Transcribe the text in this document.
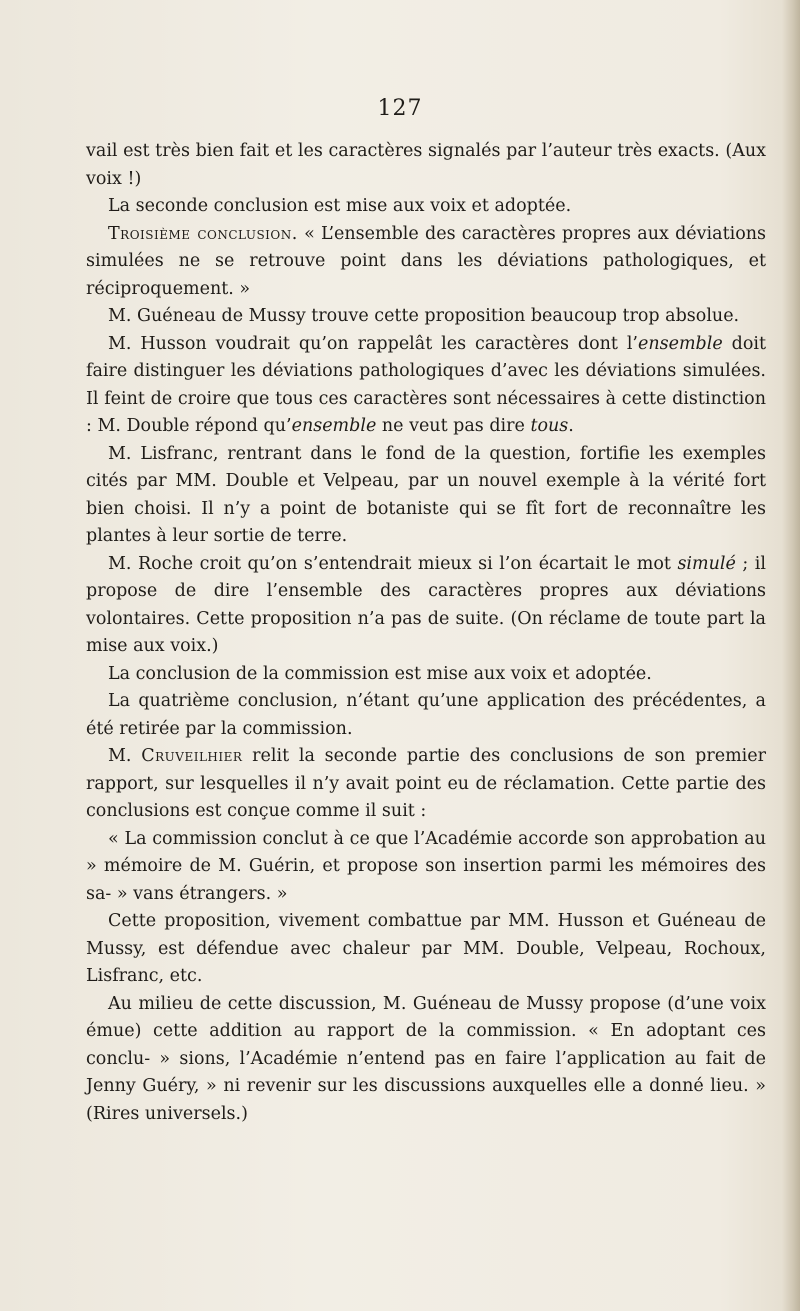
127

vail est très bien fait et les caractères signalés par l’auteur très exacts. (Aux voix !)

La seconde conclusion est mise aux voix et adoptée.

Troisième conclusion. « L’ensemble des caractères propres aux déviations simulées ne se retrouve point dans les déviations pathologiques, et réciproquement. »

M. Guéneau de Mussy trouve cette proposition beaucoup trop absolue.

M. Husson voudrait qu’on rappelât les caractères dont l’ensemble doit faire distinguer les déviations pathologiques d’avec les déviations simulées. Il feint de croire que tous ces caractères sont nécessaires à cette distinction : M. Double répond qu’ensemble ne veut pas dire tous.

M. Lisfranc, rentrant dans le fond de la question, fortifie les exemples cités par MM. Double et Velpeau, par un nouvel exemple à la vérité fort bien choisi. Il n’y a point de botaniste qui se fît fort de reconnaître les plantes à leur sortie de terre.

M. Roche croit qu’on s’entendrait mieux si l’on écartait le mot simulé ; il propose de dire l’ensemble des caractères propres aux déviations volontaires. Cette proposition n’a pas de suite. (On réclame de toute part la mise aux voix.)

La conclusion de la commission est mise aux voix et adoptée.

La quatrième conclusion, n’étant qu’une application des précédentes, a été retirée par la commission.

M. Cruveilhier relit la seconde partie des conclusions de son premier rapport, sur lesquelles il n’y avait point eu de réclamation. Cette partie des conclusions est conçue comme il suit :

« La commission conclut à ce que l’Académie accorde son approbation au » mémoire de M. Guérin, et propose son insertion parmi les mémoires des sa- » vans étrangers. »

Cette proposition, vivement combattue par MM. Husson et Guéneau de Mussy, est défendue avec chaleur par MM. Double, Velpeau, Rochoux, Lisfranc, etc.

Au milieu de cette discussion, M. Guéneau de Mussy propose (d’une voix émue) cette addition au rapport de la commission. « En adoptant ces conclu- » sions, l’Académie n’entend pas en faire l’application au fait de Jenny Guéry, » ni revenir sur les discussions auxquelles elle a donné lieu. » (Rires universels.)
